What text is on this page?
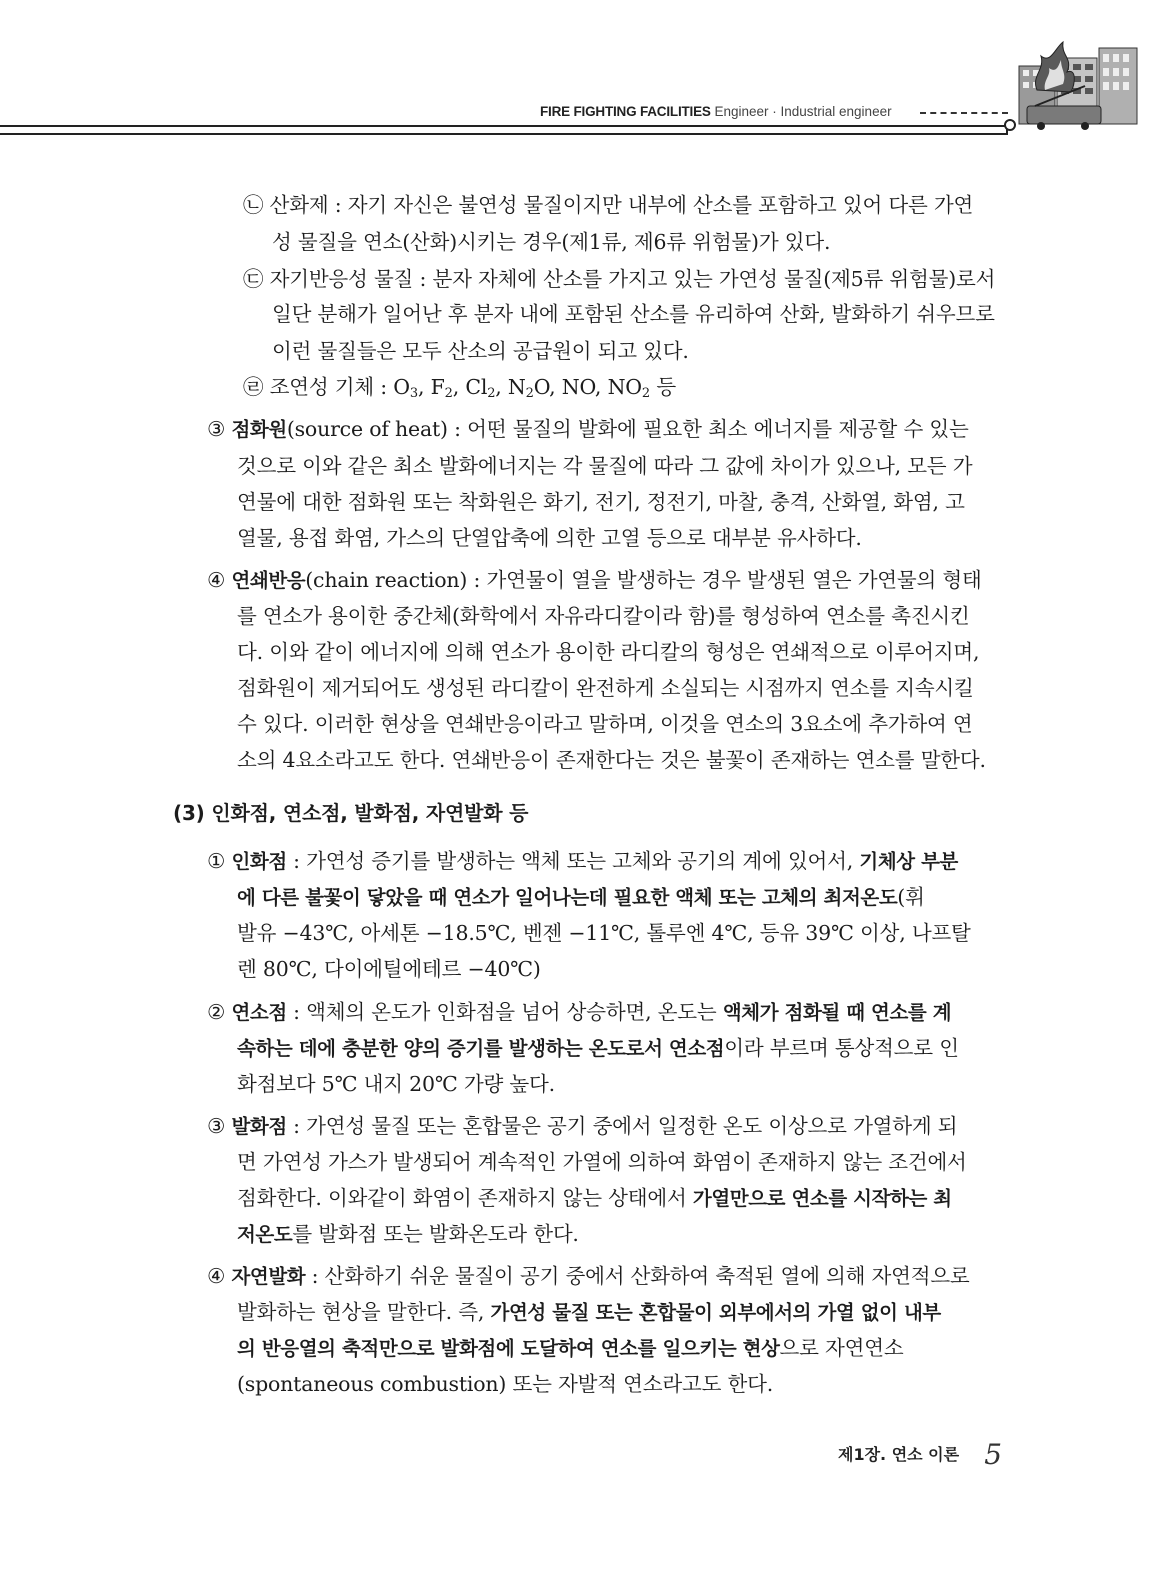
FIRE FIGHTING FACILITIES Engineer · Industrial engineer
㉡ 산화제 : 자기 자신은 불연성 물질이지만 내부에 산소를 포함하고 있어 다른 가연
성 물질을 연소(산화)시키는 경우(제1류, 제6류 위험물)가 있다.
㉢ 자기반응성 물질 : 분자 자체에 산소를 가지고 있는 가연성 물질(제5류 위험물)로서
일단 분해가 일어난 후 분자 내에 포함된 산소를 유리하여 산화, 발화하기 쉬우므로
이런 물질들은 모두 산소의 공급원이 되고 있다.
㉣ 조연성 기체 : $O_3$, $F_2$, $Cl_2$, $N_2O$, NO, $NO_2$ 등
③ 점화원(source of heat) : 어떤 물질의 발화에 필요한 최소 에너지를 제공할 수 있는
것으로 이와 같은 최소 발화에너지는 각 물질에 따라 그 값에 차이가 있으나, 모든 가
연물에 대한 점화원 또는 착화원은 화기, 전기, 정전기, 마찰, 충격, 산화열, 화염, 고
열물, 용접 화염, 가스의 단열압축에 의한 고열 등으로 대부분 유사하다.
④ 연쇄반응(chain reaction) : 가연물이 열을 발생하는 경우 발생된 열은 가연물의 형태
를 연소가 용이한 중간체(화학에서 자유라디칼이라 함)를 형성하여 연소를 촉진시킨
다. 이와 같이 에너지에 의해 연소가 용이한 라디칼의 형성은 연쇄적으로 이루어지며,
점화원이 제거되어도 생성된 라디칼이 완전하게 소실되는 시점까지 연소를 지속시킬
수 있다. 이러한 현상을 연쇄반응이라고 말하며, 이것을 연소의 3요소에 추가하여 연
소의 4요소라고도 한다. 연쇄반응이 존재한다는 것은 불꽃이 존재하는 연소를 말한다.
(3) 인화점, 연소점, 발화점, 자연발화 등
① 인화점 : 가연성 증기를 발생하는 액체 또는 고체와 공기의 계에 있어서, 기체상 부분
에 다른 불꽃이 닿았을 때 연소가 일어나는데 필요한 액체 또는 고체의 최저온도(휘
발유 −43℃, 아세톤 −18.5℃, 벤젠 −11℃, 톨루엔 4℃, 등유 39℃ 이상, 나프탈
렌 80℃, 다이에틸에테르 −40℃)
② 연소점 : 액체의 온도가 인화점을 넘어 상승하면, 온도는 액체가 점화될 때 연소를 계
속하는 데에 충분한 양의 증기를 발생하는 온도로서 연소점이라 부르며 통상적으로 인
화점보다 5℃ 내지 20℃ 가량 높다.
③ 발화점 : 가연성 물질 또는 혼합물은 공기 중에서 일정한 온도 이상으로 가열하게 되
면 가연성 가스가 발생되어 계속적인 가열에 의하여 화염이 존재하지 않는 조건에서
점화한다. 이와같이 화염이 존재하지 않는 상태에서 가열만으로 연소를 시작하는 최
저온도를 발화점 또는 발화온도라 한다.
④ 자연발화 : 산화하기 쉬운 물질이 공기 중에서 산화하여 축적된 열에 의해 자연적으로
발화하는 현상을 말한다. 즉, 가연성 물질 또는 혼합물이 외부에서의 가열 없이 내부
의 반응열의 축적만으로 발화점에 도달하여 연소를 일으키는 현상으로 자연연소
(spontaneous combustion) 또는 자발적 연소라고도 한다.
제1장. 연소 이론 5
